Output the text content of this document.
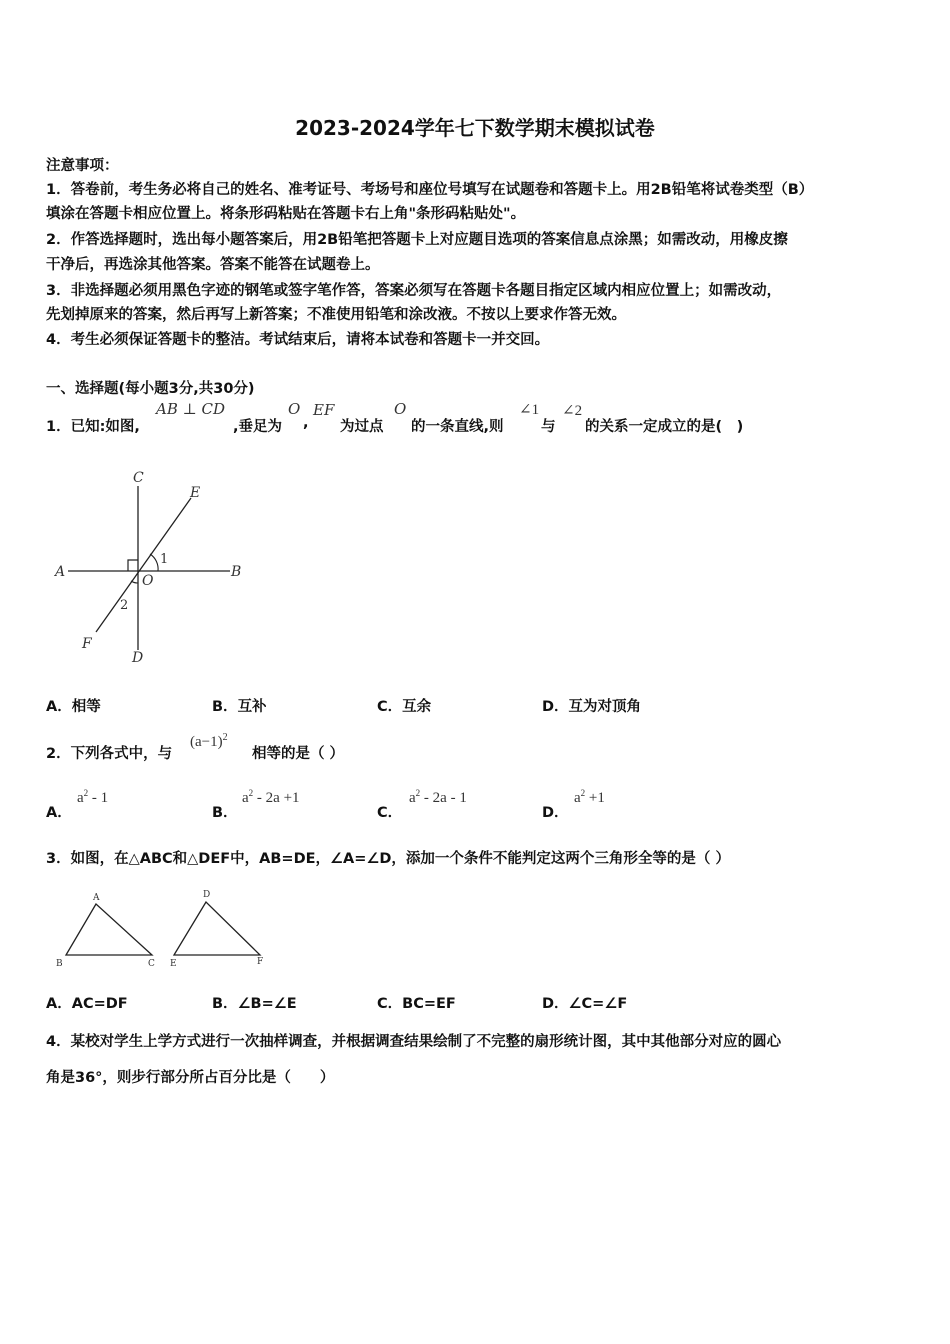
2023-2024学年七下数学期末模拟试卷
注意事项：
1．答卷前，考生务必将自己的姓名、准考证号、考场号和座位号填写在试题卷和答题卡上。用2B铅笔将试卷类型（B）
填涂在答题卡相应位置上。将条形码粘贴在答题卡右上角"条形码粘贴处"。
2．作答选择题时，选出每小题答案后，用2B铅笔把答题卡上对应题目选项的答案信息点涂黑；如需改动，用橡皮擦
干净后，再选涂其他答案。答案不能答在试题卷上。
3．非选择题必须用黑色字迹的钢笔或签字笔作答，答案必须写在答题卡各题目指定区域内相应位置上；如需改动，
先划掉原来的答案，然后再写上新答案；不准使用铅笔和涂改液。不按以上要求作答无效。
4．考生必须保证答题卡的整洁。考试结束后，请将本试卷和答题卡一并交回。
一、选择题(每小题3分,共30分)
1．已知:如图,
AB ⊥ CD
,垂足为
O
,
EF
为过点
O
的一条直线,则
∠1
与
∠2
的关系一定成立的是(　)
A	B
C
D
E
F
O
1
2
A．相等	B．互补	C．互余	D．互为对顶角
2．下列各式中，与
$(a-1)^2$
相等的是（ ）
A．
$a^2 - 1$
B．
$a^2 - 2a +1$
C．
$a^2 - 2a - 1$
D．
$a^2 +1$
3．如图，在△ABC和△DEF中，AB=DE，∠A=∠D，添加一个条件不能判定这两个三角形全等的是（ ）
A
B	C
D
E	F
A．AC=DF	B．∠B=∠E	C．BC=EF	D．∠C=∠F
4．某校对学生上学方式进行一次抽样调查，并根据调查结果绘制了不完整的扇形统计图，其中其他部分对应的圆心
角是36°，则步行部分所占百分比是（　　）
